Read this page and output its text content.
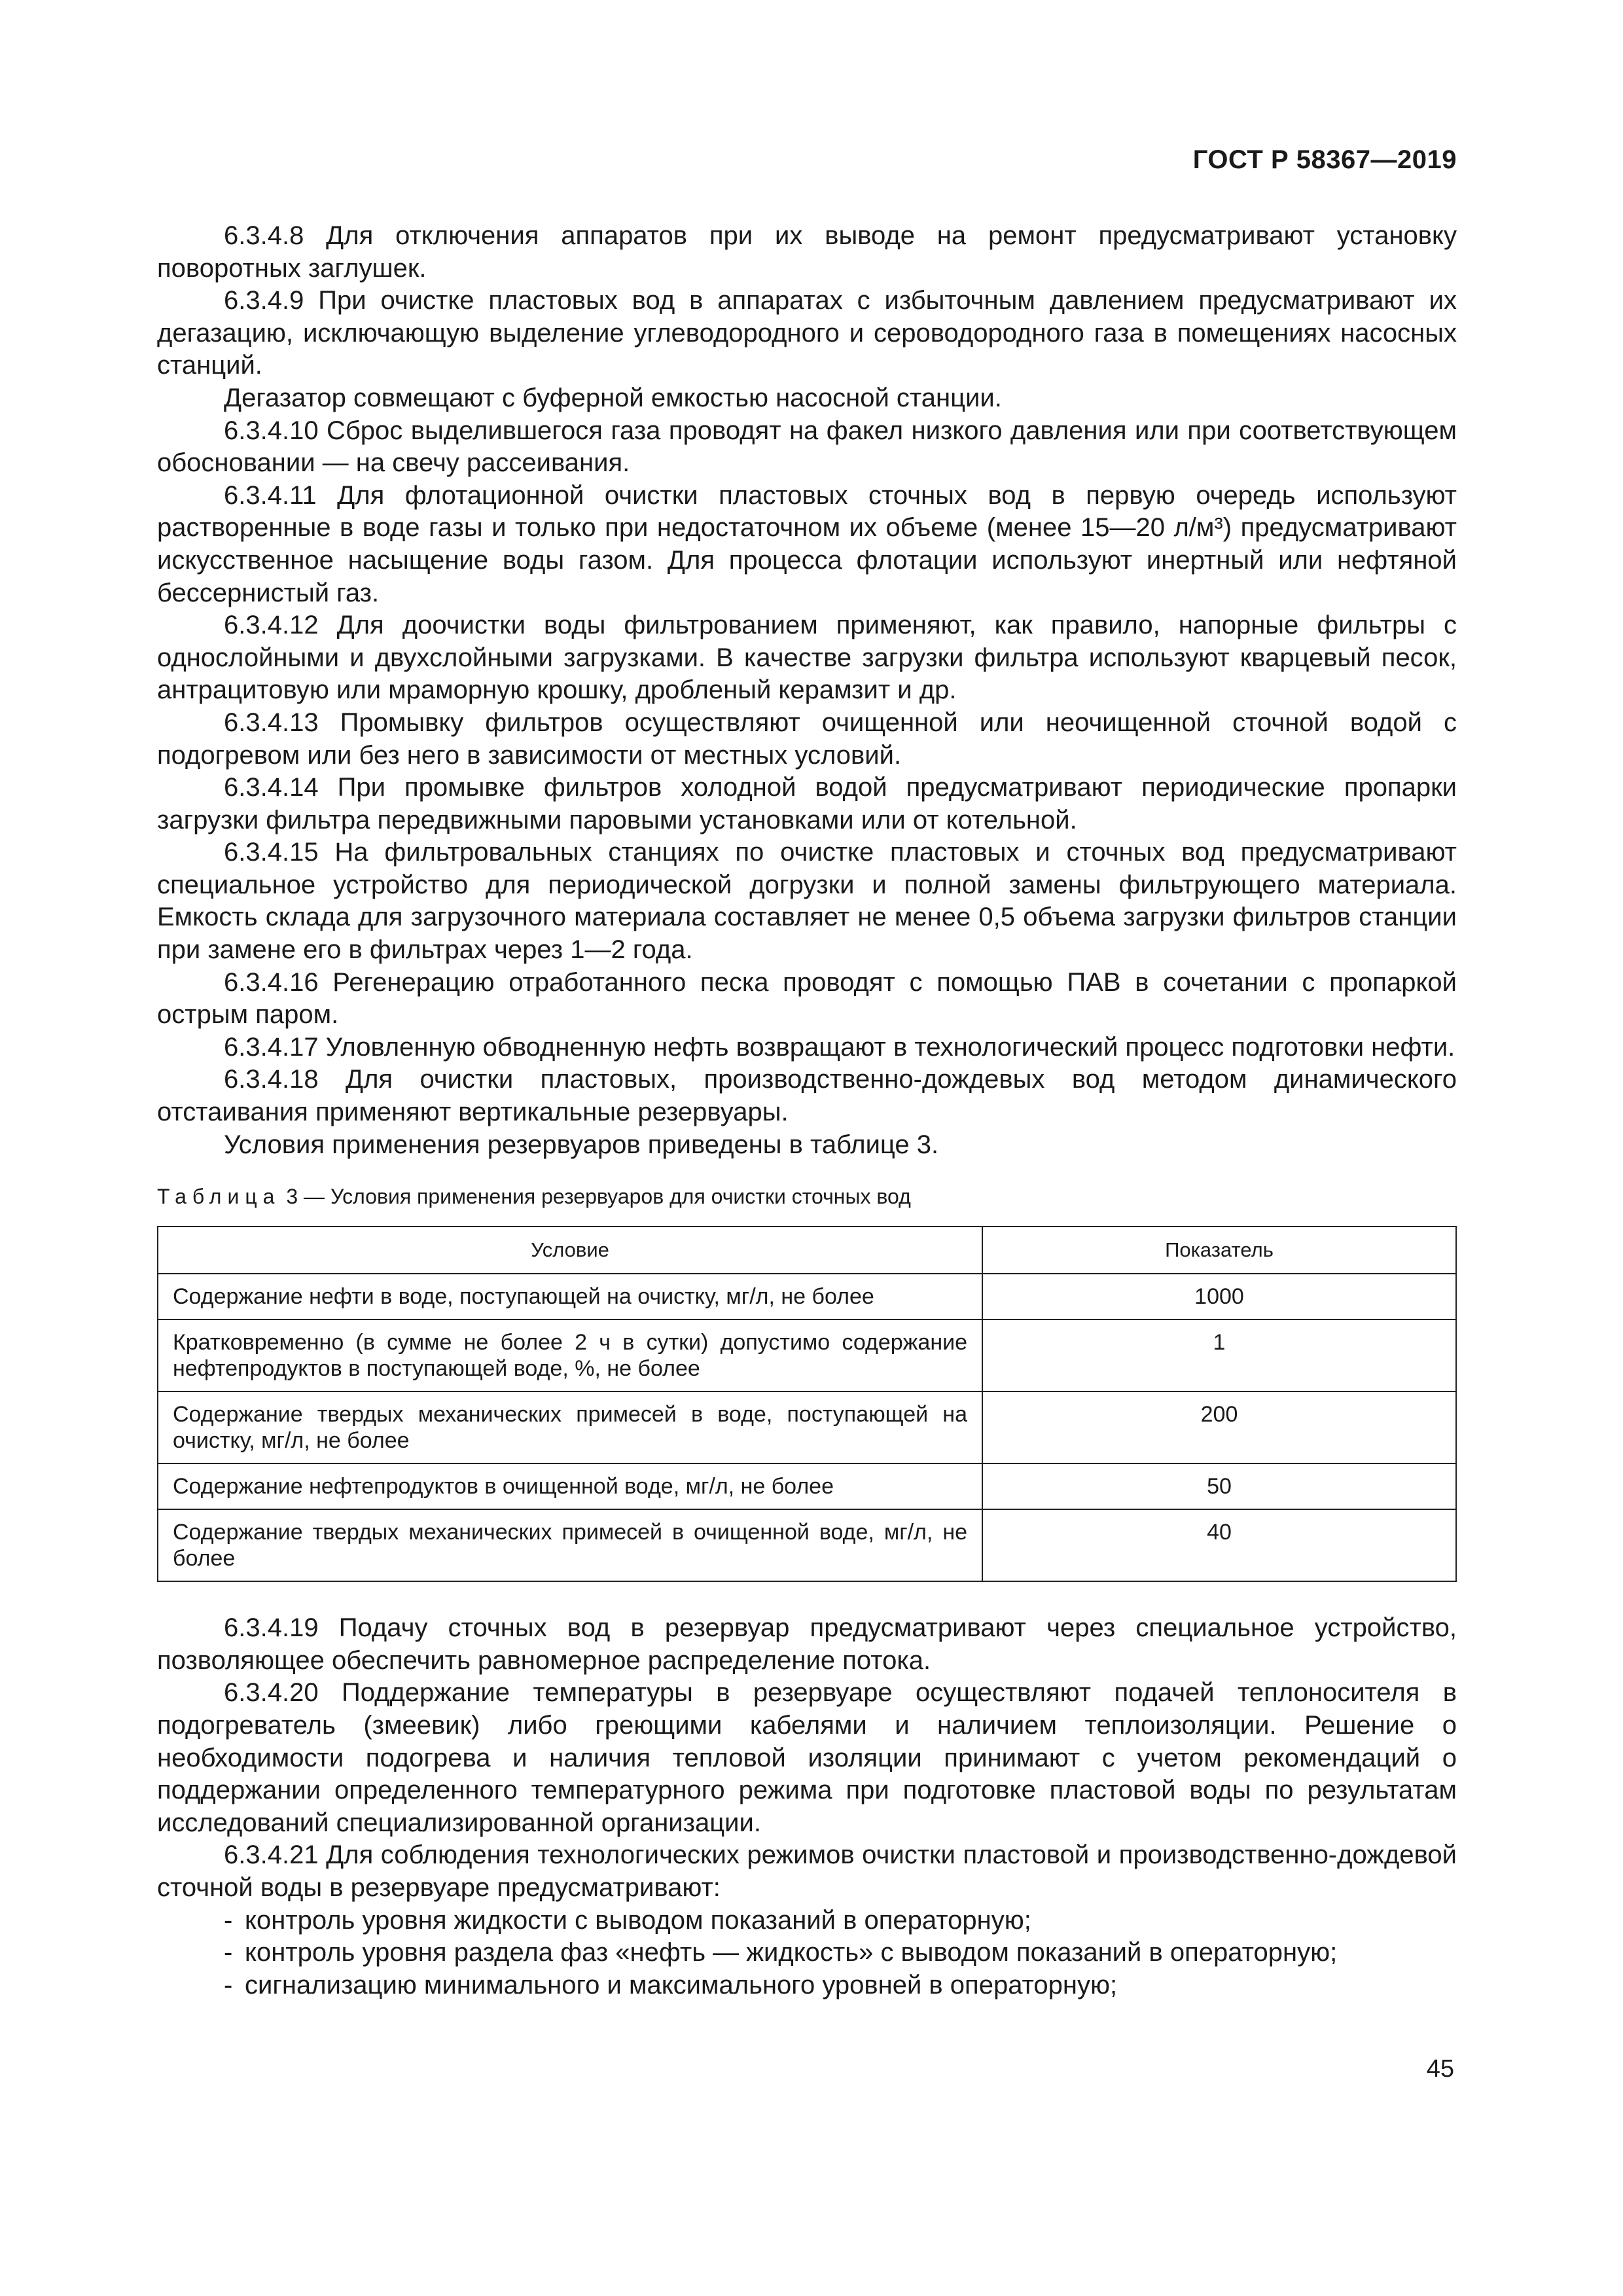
ГОСТ Р 58367—2019

6.3.4.8 Для отключения аппаратов при их выводе на ремонт предусматривают установку поворотных заглушек.

6.3.4.9 При очистке пластовых вод в аппаратах с избыточным давлением предусматривают их дегазацию, исключающую выделение углеводородного и сероводородного газа в помещениях насосных станций.

Дегазатор совмещают с буферной емкостью насосной станции.

6.3.4.10 Сброс выделившегося газа проводят на факел низкого давления или при соответствующем обосновании — на свечу рассеивания.

6.3.4.11 Для флотационной очистки пластовых сточных вод в первую очередь используют растворенные в воде газы и только при недостаточном их объеме (менее 15—20 л/м³) предусматривают искусственное насыщение воды газом. Для процесса флотации используют инертный или нефтяной бессернистый газ.

6.3.4.12 Для доочистки воды фильтрованием применяют, как правило, напорные фильтры с однослойными и двухслойными загрузками. В качестве загрузки фильтра используют кварцевый песок, антрацитовую или мраморную крошку, дробленый керамзит и др.

6.3.4.13 Промывку фильтров осуществляют очищенной или неочищенной сточной водой с подогревом или без него в зависимости от местных условий.

6.3.4.14 При промывке фильтров холодной водой предусматривают периодические пропарки загрузки фильтра передвижными паровыми установками или от котельной.

6.3.4.15 На фильтровальных станциях по очистке пластовых и сточных вод предусматривают специальное устройство для периодической догрузки и полной замены фильтрующего материала. Емкость склада для загрузочного материала составляет не менее 0,5 объема загрузки фильтров станции при замене его в фильтрах через 1—2 года.

6.3.4.16 Регенерацию отработанного песка проводят с помощью ПАВ в сочетании с пропаркой острым паром.

6.3.4.17 Уловленную обводненную нефть возвращают в технологический процесс подготовки нефти.

6.3.4.18 Для очистки пластовых, производственно-дождевых вод методом динамического отстаивания применяют вертикальные резервуары.

Условия применения резервуаров приведены в таблице 3.

Таблица 3 — Условия применения резервуаров для очистки сточных вод
Условие	Показатель
Содержание нефти в воде, поступающей на очистку, мг/л, не более	1000
Кратковременно (в сумме не более 2 ч в сутки) допустимо содержание нефтепродуктов в поступающей воде, %, не более	1
Содержание твердых механических примесей в воде, поступающей на очистку, мг/л, не более	200
Содержание нефтепродуктов в очищенной воде, мг/л, не более	50
Содержание твердых механических примесей в очищенной воде, мг/л, не более	40

6.3.4.19 Подачу сточных вод в резервуар предусматривают через специальное устройство, позволяющее обеспечить равномерное распределение потока.

6.3.4.20 Поддержание температуры в резервуаре осуществляют подачей теплоносителя в подогреватель (змеевик) либо греющими кабелями и наличием теплоизоляции. Решение о необходимости подогрева и наличия тепловой изоляции принимают с учетом рекомендаций о поддержании определенного температурного режима при подготовке пластовой воды по результатам исследований специализированной организации.

6.3.4.21 Для соблюдения технологических режимов очистки пластовой и производственно-дождевой сточной воды в резервуаре предусматривают:

- контроль уровня жидкости с выводом показаний в операторную;

- контроль уровня раздела фаз «нефть — жидкость» с выводом показаний в операторную;

- сигнализацию минимального и максимального уровней в операторную;

45
